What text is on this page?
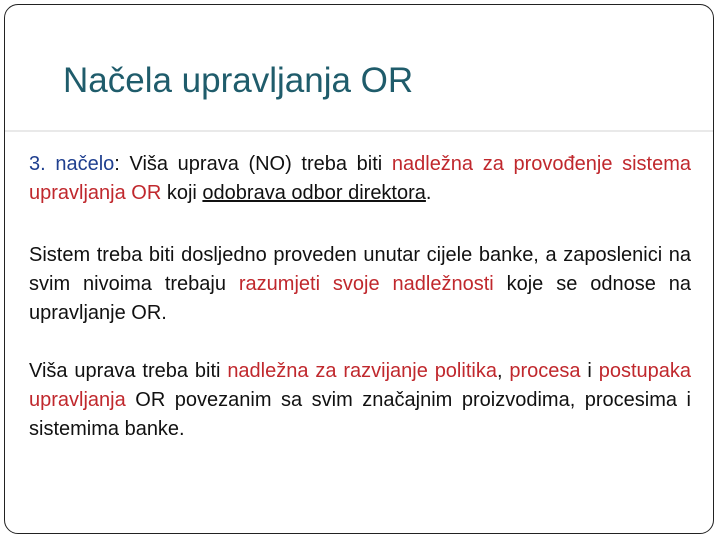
Načela upravljanja OR

3. načelo: Viša uprava (NO) treba biti nadležna za provođenje sistema upravljanja OR koji odobrava odbor direktora.

Sistem treba biti dosljedno proveden unutar cijele banke, a zaposlenici na svim nivoima trebaju razumjeti svoje nadležnosti koje se odnose na upravljanje OR.

Viša uprava treba biti nadležna za razvijanje politika, procesa i postupaka upravljanja OR povezanim sa svim značajnim proizvodima, procesima i sistemima banke.
